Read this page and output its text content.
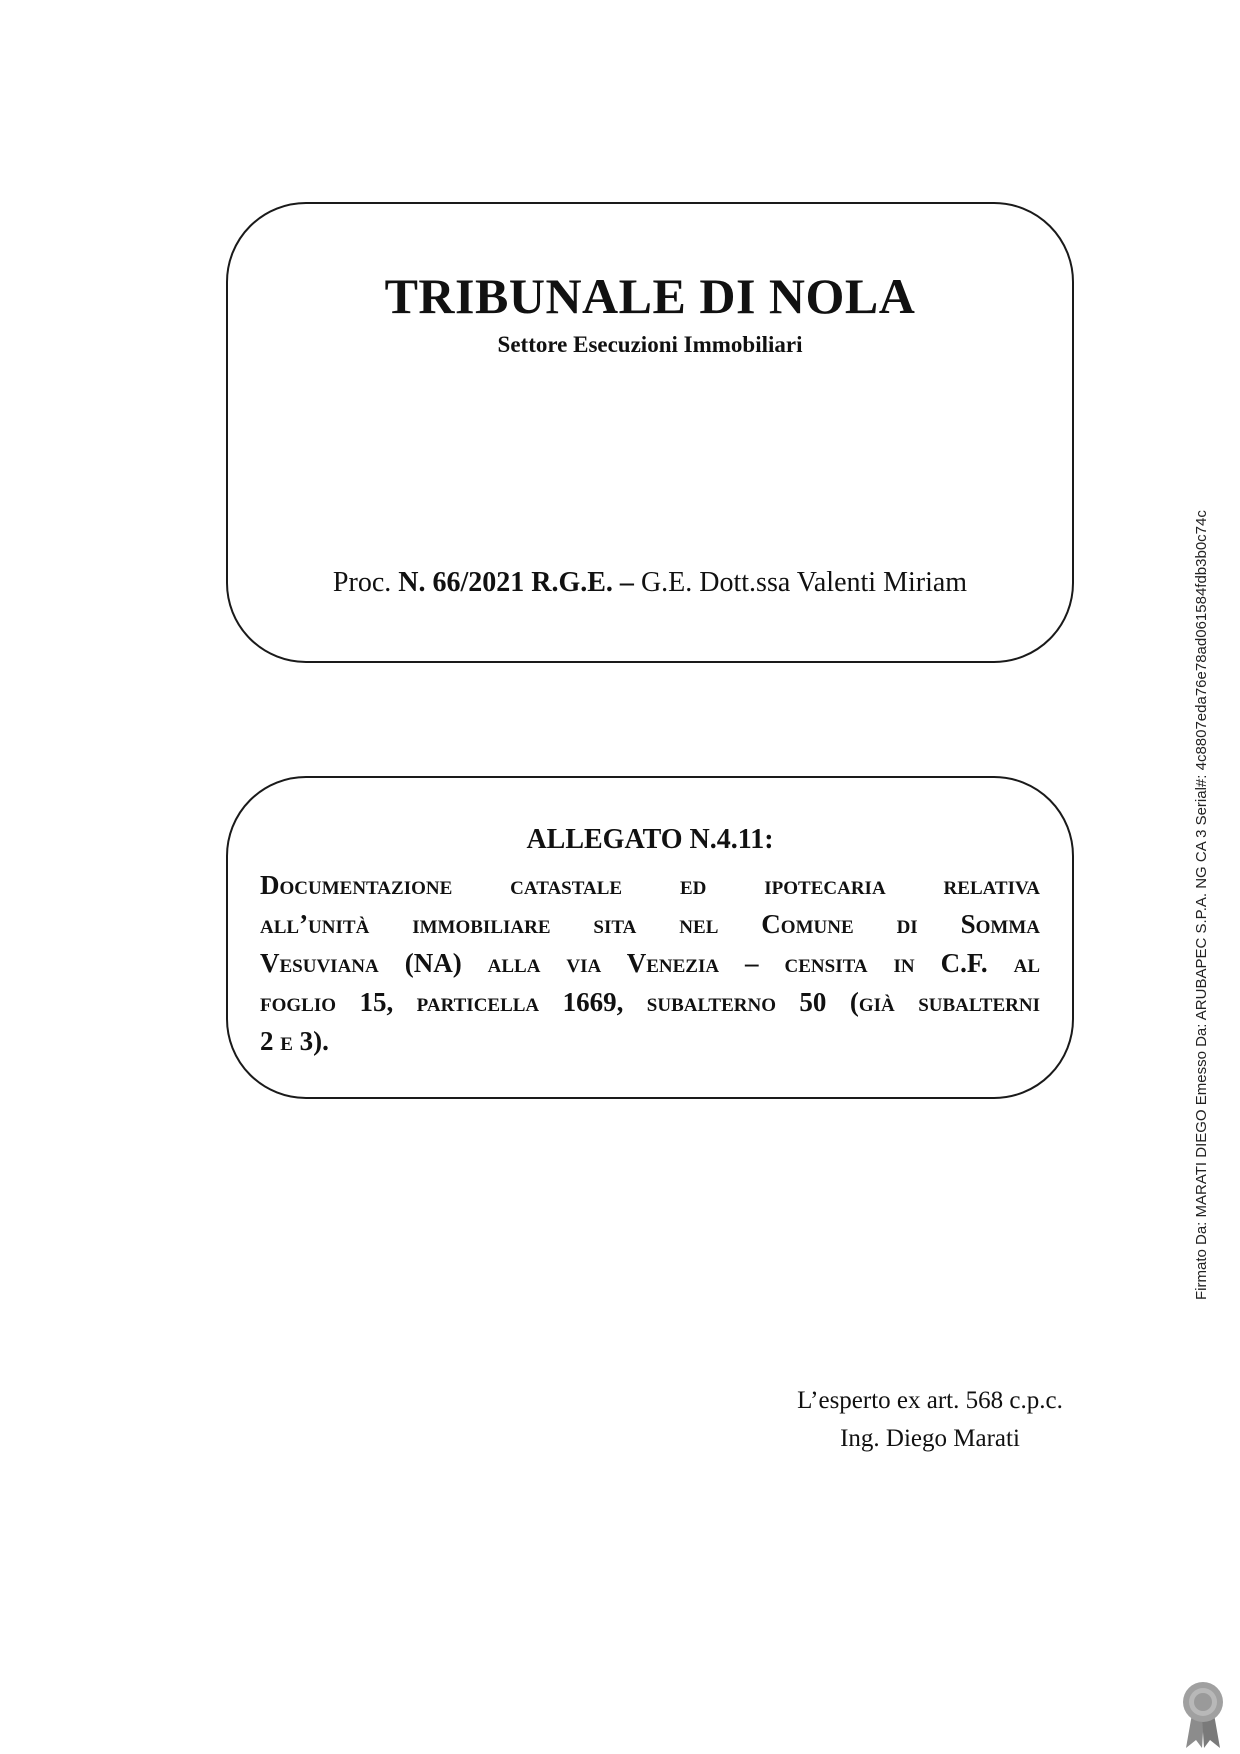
TRIBUNALE DI NOLA
Settore Esecuzioni Immobiliari
Proc. N. 66/2021 R.G.E. – G.E. Dott.ssa Valenti Miriam
ALLEGATO N.4.11:
Documentazione catastale ed ipotecaria relativa
all’unità immobiliare sita nel Comune di Somma
Vesuviana (NA) alla via Venezia – censita in C.F. al
foglio 15, particella 1669, subalterno 50 (già subalterni
2 e 3).
L’esperto ex art. 568 c.p.c.
Ing. Diego Marati
Firmato Da: MARATI DIEGO Emesso Da: ARUBAPEC S.P.A. NG CA 3 Serial#: 4c8807eda76e78ad061584fdb3b0c74c
